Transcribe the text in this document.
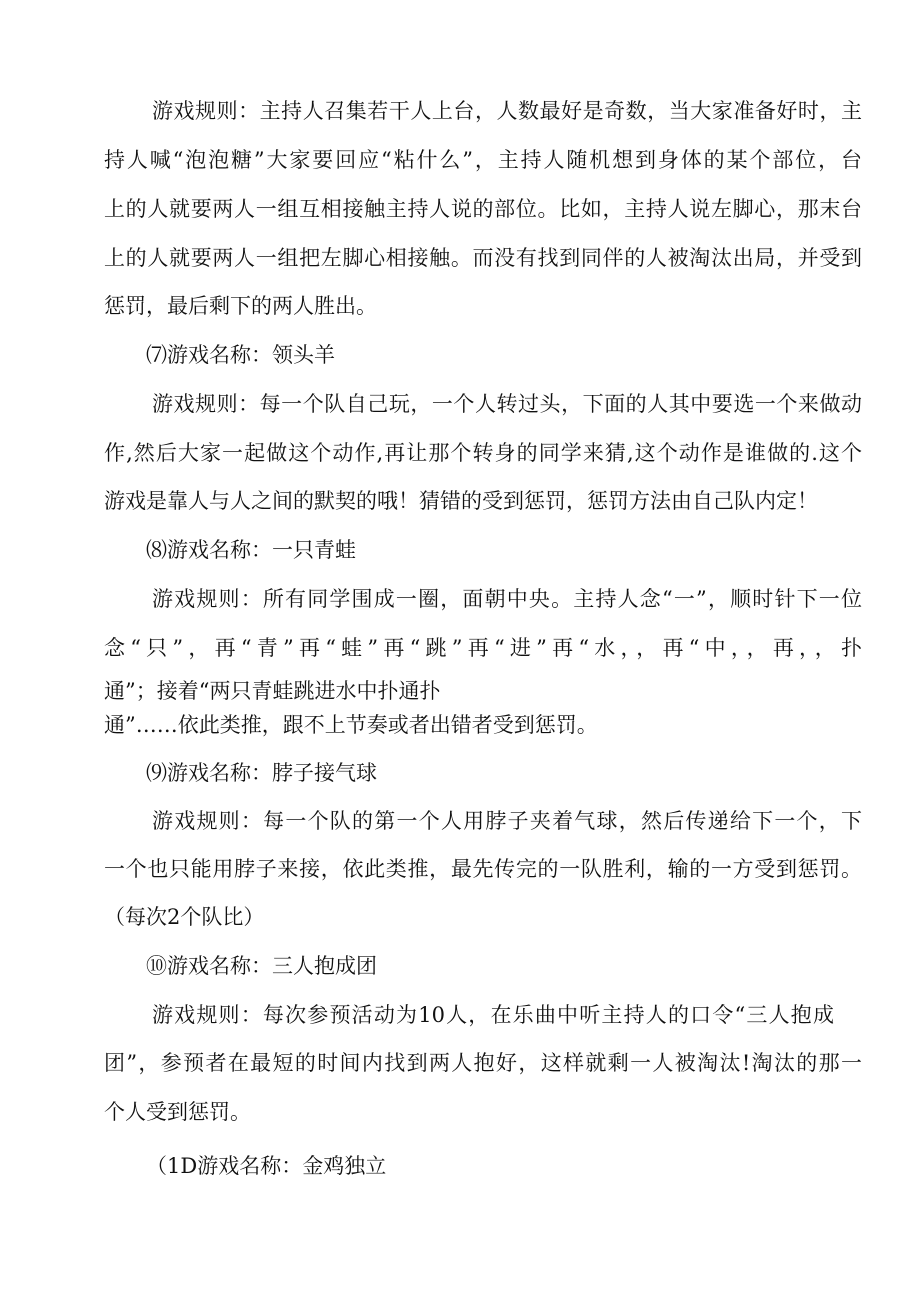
游戏规则：主持人召集若干人上台，人数最好是奇数，当大家准备好时，主
持人喊“泡泡糖”大家要回应“粘什么”，主持人随机想到身体的某个部位，台
上的人就要两人一组互相接触主持人说的部位。比如，主持人说左脚心，那末台
上的人就要两人一组把左脚心相接触。而没有找到同伴的人被淘汰出局，并受到
惩罚，最后剩下的两人胜出。
⑺游戏名称：领头羊
游戏规则：每一个队自己玩，一个人转过头，下面的人其中要选一个来做动
作,然后大家一起做这个动作,再让那个转身的同学来猜,这个动作是谁做的.这个
游戏是靠人与人之间的默契的哦！猜错的受到惩罚，惩罚方法由自己队内定！
⑻游戏名称：一只青蛙
游戏规则：所有同学围成一圈，面朝中央。主持人念“一”，顺时针下一位
念“只”，再“青”再“蛙”再“跳”再“进”再“水，，再“中，，再，，扑
通”；接着“两只青蛙跳进水中扑通扑
通”……依此类推，跟不上节奏或者出错者受到惩罚。
⑼游戏名称：脖子接气球
游戏规则：每一个队的第一个人用脖子夹着气球，然后传递给下一个，下
一个也只能用脖子来接，依此类推，最先传完的一队胜利，输的一方受到惩罚。
（每次2个队比）
⑩游戏名称：三人抱成团
游戏规则：每次参预活动为10人，在乐曲中听主持人的口令“三人抱成
团”，参预者在最短的时间内找到两人抱好，这样就剩一人被淘汰!淘汰的那一
个人受到惩罚。
（1D游戏名称：金鸡独立
